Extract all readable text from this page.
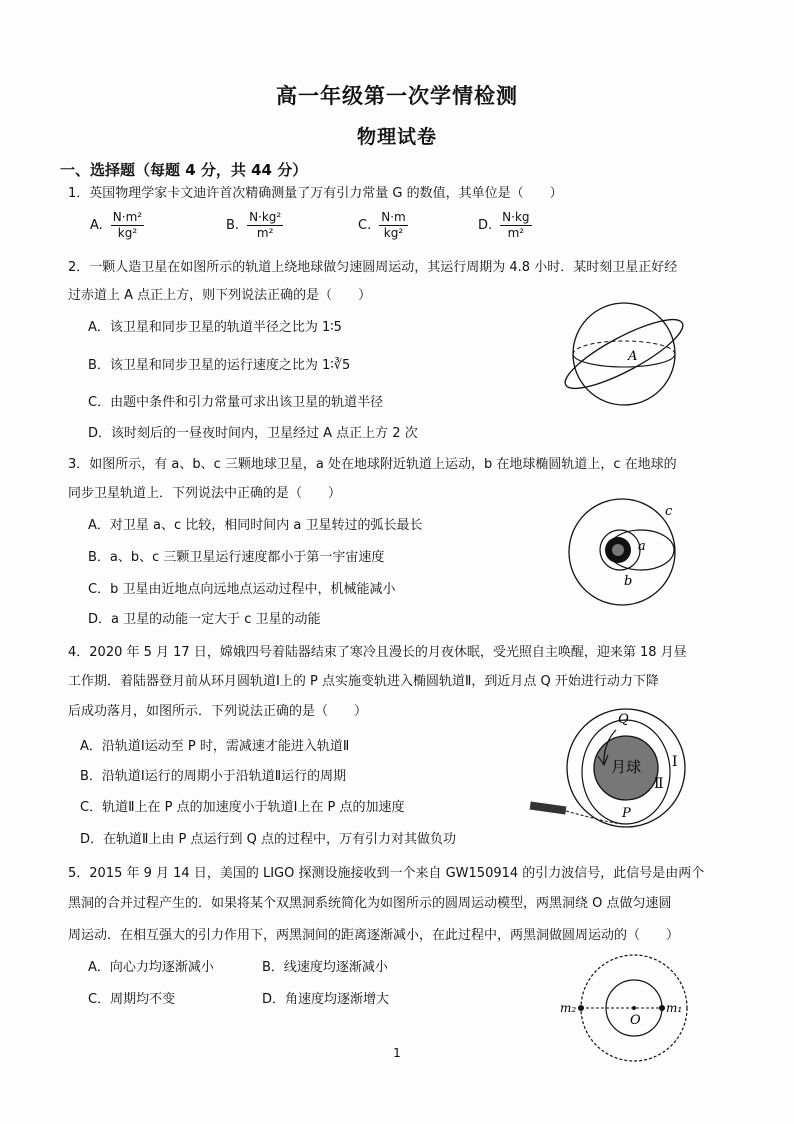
高一年级第一次学情检测
物理试卷
一、选择题（每题 4 分，共 44 分）
1．英国物理学家卡文迪许首次精确测量了万有引力常量 G 的数值，其单位是（　　）
A. $\frac{\text{N·m²}}{\text{kg²}}$	B. $\frac{\text{N·kg²}}{\text{m²}}$	C. $\frac{N\cdot m}{\text{kg²}}$	D. $\frac{N\cdot kg}{\text{m²}}$
2．一颗人造卫星在如图所示的轨道上绕地球做匀速圆周运动，其运行周期为 4.8 小时．某时刻卫星正好经
过赤道上 A 点正上方，则下列说法正确的是（　　）
A．该卫星和同步卫星的轨道半径之比为 1∶5
B．该卫星和同步卫星的运行速度之比为 1∶∛5
C．由题中条件和引力常量可求出该卫星的轨道半径
D．该时刻后的一昼夜时间内，卫星经过 A 点正上方 2 次
A
3．如图所示，有 a、b、c 三颗地球卫星，a 处在地球附近轨道上运动，b 在地球椭圆轨道上，c 在地球的
同步卫星轨道上．下列说法中正确的是（　　）
A．对卫星 a、c 比较，相同时间内 a 卫星转过的弧长最长
B．a、b、c 三颗卫星运行速度都小于第一宇宙速度
C．b 卫星由近地点向远地点运动过程中，机械能减小
D．a 卫星的动能一定大于 c 卫星的动能
c
a
b
4．2020 年 5 月 17 日，嫦娥四号着陆器结束了寒冷且漫长的月夜休眠，受光照自主唤醒，迎来第 18 月昼
工作期．着陆器登月前从环月圆轨道Ⅰ上的 P 点实施变轨进入椭圆轨道Ⅱ，到近月点 Q 开始进行动力下降
后成功落月，如图所示．下列说法正确的是（　　）
A．沿轨道Ⅰ运动至 P 时，需减速才能进入轨道Ⅱ
B．沿轨道Ⅰ运行的周期小于沿轨道Ⅱ运行的周期
C．轨道Ⅱ上在 P 点的加速度小于轨道Ⅰ上在 P 点的加速度
D．在轨道Ⅱ上由 P 点运行到 Q 点的过程中，万有引力对其做负功
月球
Q
P
Ⅰ
Ⅱ
5．2015 年 9 月 14 日，美国的 LIGO 探测设施接收到一个来自 GW150914 的引力波信号，此信号是由两个
黑洞的合并过程产生的．如果将某个双黑洞系统简化为如图所示的圆周运动模型，两黑洞绕 O 点做匀速圆
周运动．在相互强大的引力作用下，两黑洞间的距离逐渐减小，在此过程中，两黑洞做圆周运动的（　　）
A．向心力均逐渐减小	B．线速度均逐渐减小
C．周期均不变	D．角速度均逐渐增大
m₂
O
m₁
1
